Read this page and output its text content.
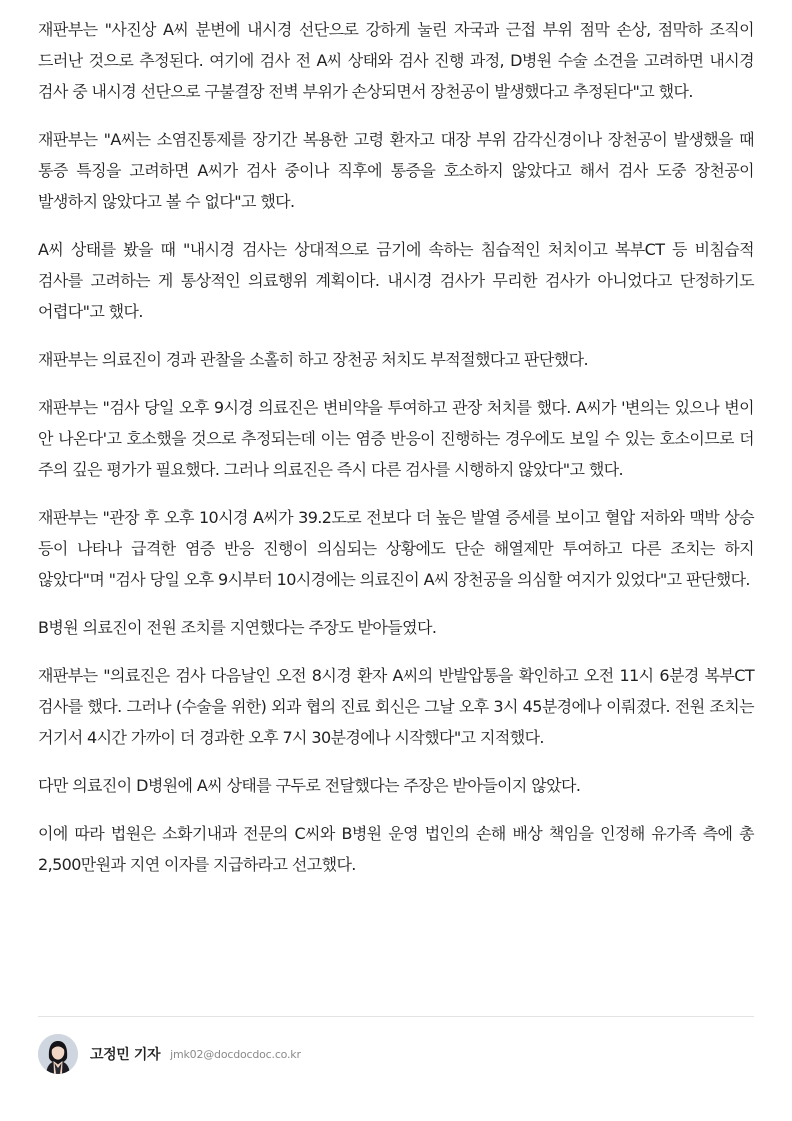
재판부는 "사진상 A씨 분변에 내시경 선단으로 강하게 눌린 자국과 근접 부위 점막 손상, 점막하 조직이 드러난 것으로 추정된다. 여기에 검사 전 A씨 상태와 검사 진행 과정, D병원 수술 소견을 고려하면 내시경 검사 중 내시경 선단으로 구불결장 전벽 부위가 손상되면서 장천공이 발생했다고 추정된다"고 했다.

재판부는 "A씨는 소염진통제를 장기간 복용한 고령 환자고 대장 부위 감각신경이나 장천공이 발생했을 때 통증 특징을 고려하면 A씨가 검사 중이나 직후에 통증을 호소하지 않았다고 해서 검사 도중 장천공이 발생하지 않았다고 볼 수 없다"고 했다.

A씨 상태를 봤을 때 "내시경 검사는 상대적으로 금기에 속하는 침습적인 처치이고 복부CT 등 비침습적 검사를 고려하는 게 통상적인 의료행위 계획이다. 내시경 검사가 무리한 검사가 아니었다고 단정하기도 어렵다"고 했다.

재판부는 의료진이 경과 관찰을 소홀히 하고 장천공 처치도 부적절했다고 판단했다.

재판부는 "검사 당일 오후 9시경 의료진은 변비약을 투여하고 관장 처치를 했다. A씨가 '변의는 있으나 변이 안 나온다'고 호소했을 것으로 추정되는데 이는 염증 반응이 진행하는 경우에도 보일 수 있는 호소이므로 더 주의 깊은 평가가 필요했다. 그러나 의료진은 즉시 다른 검사를 시행하지 않았다"고 했다.

재판부는 "관장 후 오후 10시경 A씨가 39.2도로 전보다 더 높은 발열 증세를 보이고 혈압 저하와 맥박 상승 등이 나타나 급격한 염증 반응 진행이 의심되는 상황에도 단순 해열제만 투여하고 다른 조치는 하지 않았다"며 "검사 당일 오후 9시부터 10시경에는 의료진이 A씨 장천공을 의심할 여지가 있었다"고 판단했다.

B병원 의료진이 전원 조치를 지연했다는 주장도 받아들였다.

재판부는 "의료진은 검사 다음날인 오전 8시경 환자 A씨의 반발압통을 확인하고 오전 11시 6분경 복부CT 검사를 했다. 그러나 (수술을 위한) 외과 협의 진료 회신은 그날 오후 3시 45분경에나 이뤄졌다. 전원 조치는 거기서 4시간 가까이 더 경과한 오후 7시 30분경에나 시작했다"고 지적했다.

다만 의료진이 D병원에 A씨 상태를 구두로 전달했다는 주장은 받아들이지 않았다.

이에 따라 법원은 소화기내과 전문의 C씨와 B병원 운영 법인의 손해 배상 책임을 인정해 유가족 측에 총 2,500만원과 지연 이자를 지급하라고 선고했다.

고정민 기자 jmk02@docdocdoc.co.kr
